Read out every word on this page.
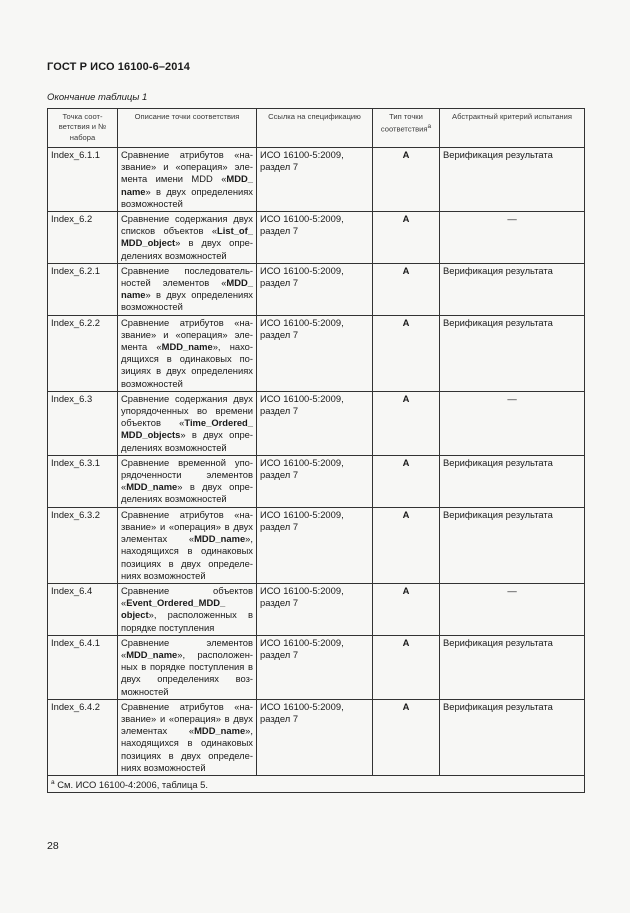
ГОСТ Р ИСО 16100-6–2014
Окончание таблицы 1
Точка соот-ветствия и № набора	Описание точки соответствия	Ссылка на спецификацию	Тип точки соответствия$^а$	Абстрактный критерий испытания
Index_6.1.1	Сравнение атрибутов «на-звание» и «операция» эле-мента имени MDD «MDD_ name» в двух определениях возможностей	ИСО 16100-5:2009, раздел 7	A	Верификация результата
Index_6.2	Сравнение содержания двух списков объектов «List_of_ MDD_object» в двух опре-делениях возможностей	ИСО 16100-5:2009, раздел 7	A	—
Index_6.2.1	Сравнение последователь-ностей элементов «MDD_ name» в двух определениях возможностей	ИСО 16100-5:2009, раздел 7	A	Верификация результата
Index_6.2.2	Сравнение атрибутов «на-звание» и «операция» эле-мента «MDD_name», нахо-дящихся в одинаковых по-зициях в двух определениях возможностей	ИСО 16100-5:2009, раздел 7	A	Верификация результата
Index_6.3	Сравнение содержания двух упорядоченных во времени объектов «Time_Ordered_ MDD_objects» в двух опре-делениях возможностей	ИСО 16100-5:2009, раздел 7	A	—
Index_6.3.1	Сравнение временной упо-рядоченности элементов «MDD_name» в двух опре-делениях возможностей	ИСО 16100-5:2009, раздел 7	A	Верификация результата
Index_6.3.2	Сравнение атрибутов «на-звание» и «операция» в двух элементах «MDD_name», находящихся в одинаковых позициях в двух определе-ниях возможностей	ИСО 16100-5:2009, раздел 7	A	Верификация результата
Index_6.4	Сравнение объектов «Event_Ordered_MDD_ object», расположенных в порядке поступления	ИСО 16100-5:2009, раздел 7	A	—
Index_6.4.1	Сравнение элементов «MDD_name», расположен-ных в порядке поступления в двух определениях воз-можностей	ИСО 16100-5:2009, раздел 7	A	Верификация результата
Index_6.4.2	Сравнение атрибутов «на-звание» и «операция» в двух элементах «MDD_name», находящихся в одинаковых позициях в двух определе-ниях возможностей	ИСО 16100-5:2009, раздел 7	A	Верификация результата
$^а$ См. ИСО 16100-4:2006, таблица 5.				
28
